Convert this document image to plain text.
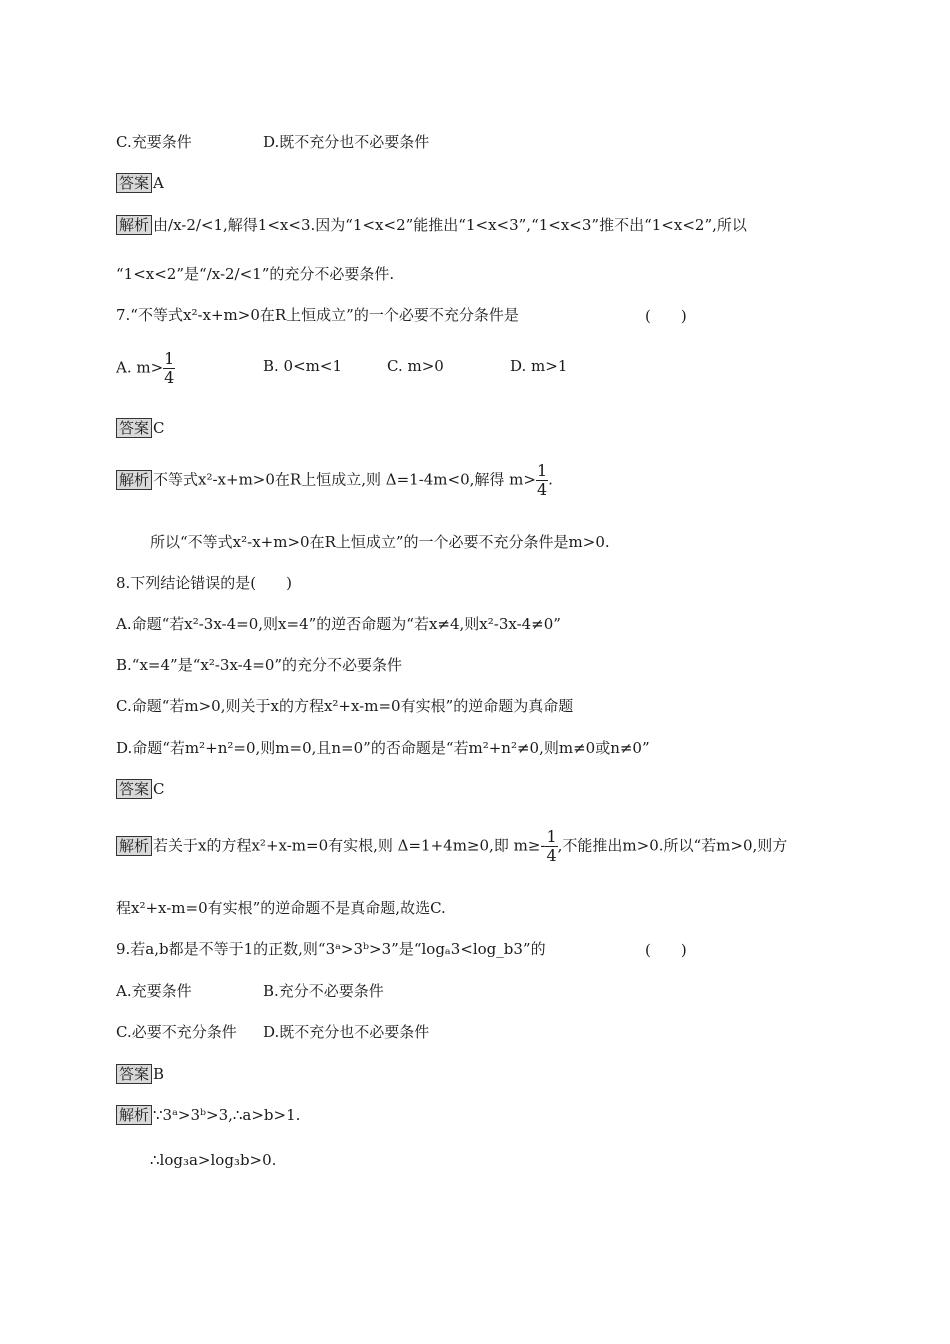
C.充要条件	D.既不充分也不必要条件
答案 A
解析 由/x-2/<1,解得1<x<3.因为“1<x<2”能推出“1<x<3”,“1<x<3”推不出“1<x<2”,所以
“1<x<2”是“/x-2/<1”的充分不必要条件.
7.“不等式x²-x+m>0在R上恒成立”的一个必要不充分条件是	(　　)
A. $m> \frac{1}{4}$	B. 0<m<1	C. m>0	D. m>1
答案 C
解析 不等式x²-x+m>0在R上恒成立,则 Δ=1-4m<0,解得 $m> \frac{1}{4}$ .
所以“不等式x²-x+m>0在R上恒成立”的一个必要不充分条件是m>0.
8.下列结论错误的是(　　)
A.命题“若x²-3x-4=0,则x=4”的逆否命题为“若x≠4,则x²-3x-4≠0”
B.“x=4”是“x²-3x-4=0”的充分不必要条件
C.命题“若m>0,则关于x的方程x²+x-m=0有实根”的逆命题为真命题
D.命题“若m²+n²=0,则m=0,且n=0”的否命题是“若m²+n²≠0,则m≠0或n≠0”
答案 C
解析 若关于x的方程x²+x-m=0有实根,则 Δ=1+4m≥0,即 $m\ge- \frac{1}{4}$ ,不能推出m>0.所以“若m>0,则方
程x²+x-m=0有实根”的逆命题不是真命题,故选C.
9.若a,b都是不等于1的正数,则“3ᵃ>3ᵇ>3”是“logₐ3<log_b3”的	(　　)
A.充要条件	B.充分不必要条件
C.必要不充分条件 D.既不充分也不必要条件
答案 B
解析 ∵3ᵃ>3ᵇ>3,∴a>b>1.
∴log₃a>log₃b>0.
